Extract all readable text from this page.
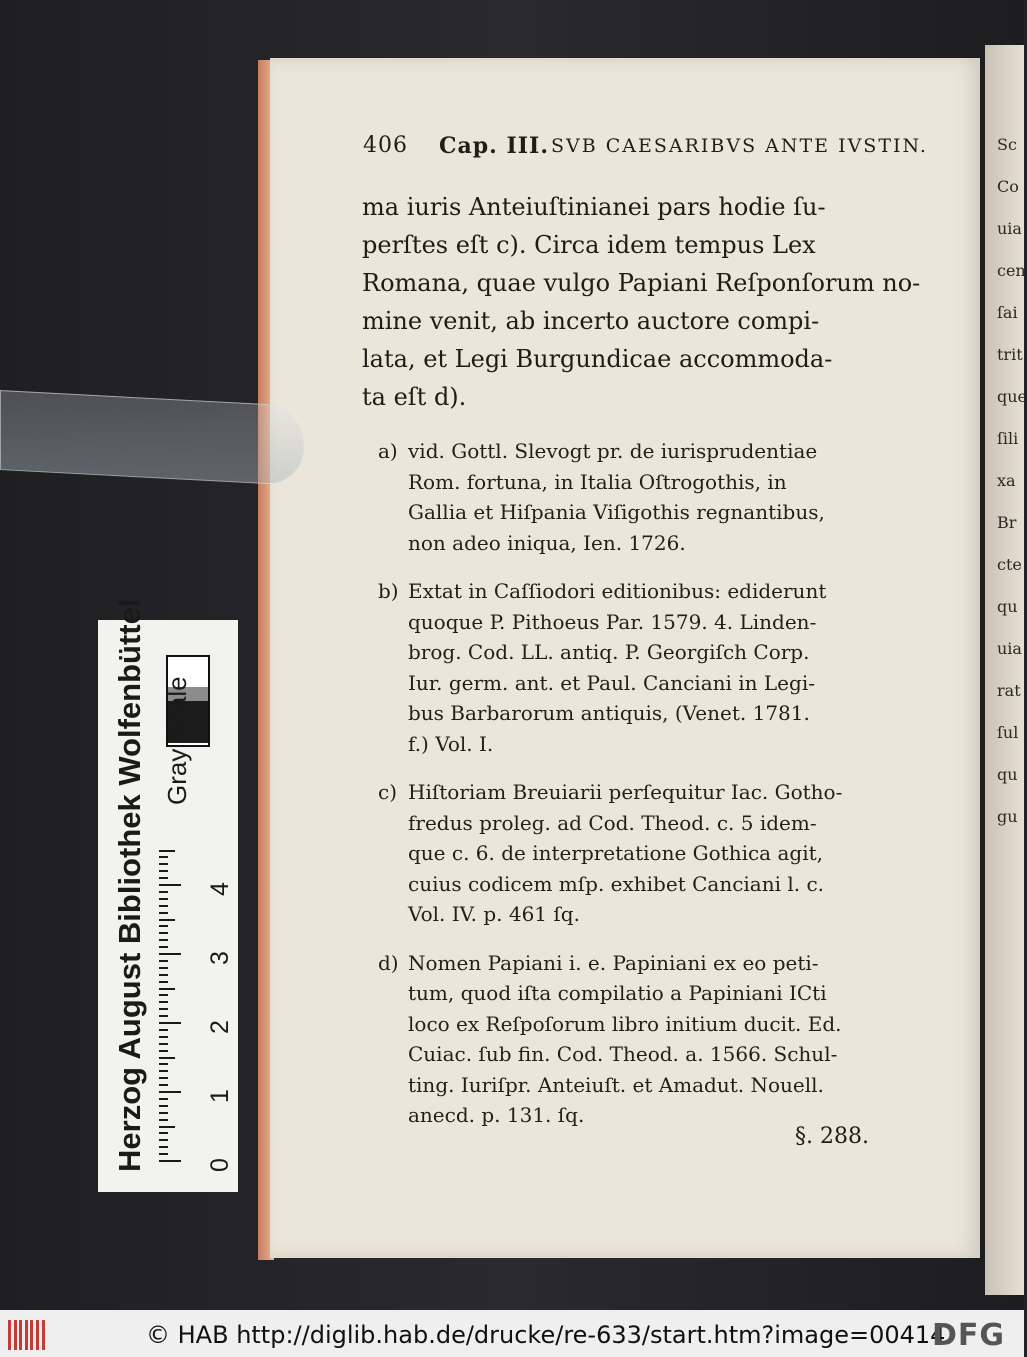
Sc
Co
uia
cen
ſai
trit
que
ſili
xa
Br
cte
qu
uia
rat
ſul
qu
gu
406 Cap. III. SVB CAESARIBVS ANTE IVSTIN.
ma iuris Anteiuſtinianei pars hodie ſu-
perſtes eſt c). Circa idem tempus Lex
Romana, quae vulgo Papiani Reſponſorum no-
mine venit, ab incerto auctore compi-
lata, et Legi Burgundicae accommoda-
ta eſt d).
a) vid. Gottl. Slevogt pr. de iurisprudentiae
Rom. fortuna, in Italia Oſtrogothis, in
Gallia et Hiſpania Viſigothis regnantibus,
non adeo iniqua, Ien. 1726.
b) Extat in Caſſiodori editionibus: ediderunt
quoque P. Pithoeus Par. 1579. 4. Linden-
brog. Cod. LL. antiq. P. Georgiſch Corp.
Iur. germ. ant. et Paul. Canciani in Legi-
bus Barbarorum antiquis, (Venet. 1781.
f.) Vol. I.
c) Hiſtoriam Breuiarii perſequitur Iac. Gotho-
fredus proleg. ad Cod. Theod. c. 5 idem-
que c. 6. de interpretatione Gothica agit,
cuius codicem mſp. exhibet Canciani l. c.
Vol. IV. p. 461 ſq.
d) Nomen Papiani i. e. Papiniani ex eo peti-
tum, quod iſta compilatio a Papiniani ICti
loco ex Reſpoſorum libro initium ducit. Ed.
Cuiac. ſub fin. Cod. Theod. a. 1566. Schul-
ting. Iuriſpr. Anteiuſt. et Amadut. Nouell.
anecd. p. 131. ſq.
§. 288.
Herzog August Bibliothek Wolfenbüttel Gray Scale
0
1
2
3
4
© HAB http://diglib.hab.de/drucke/re-633/start.htm?image=00414
DFG
